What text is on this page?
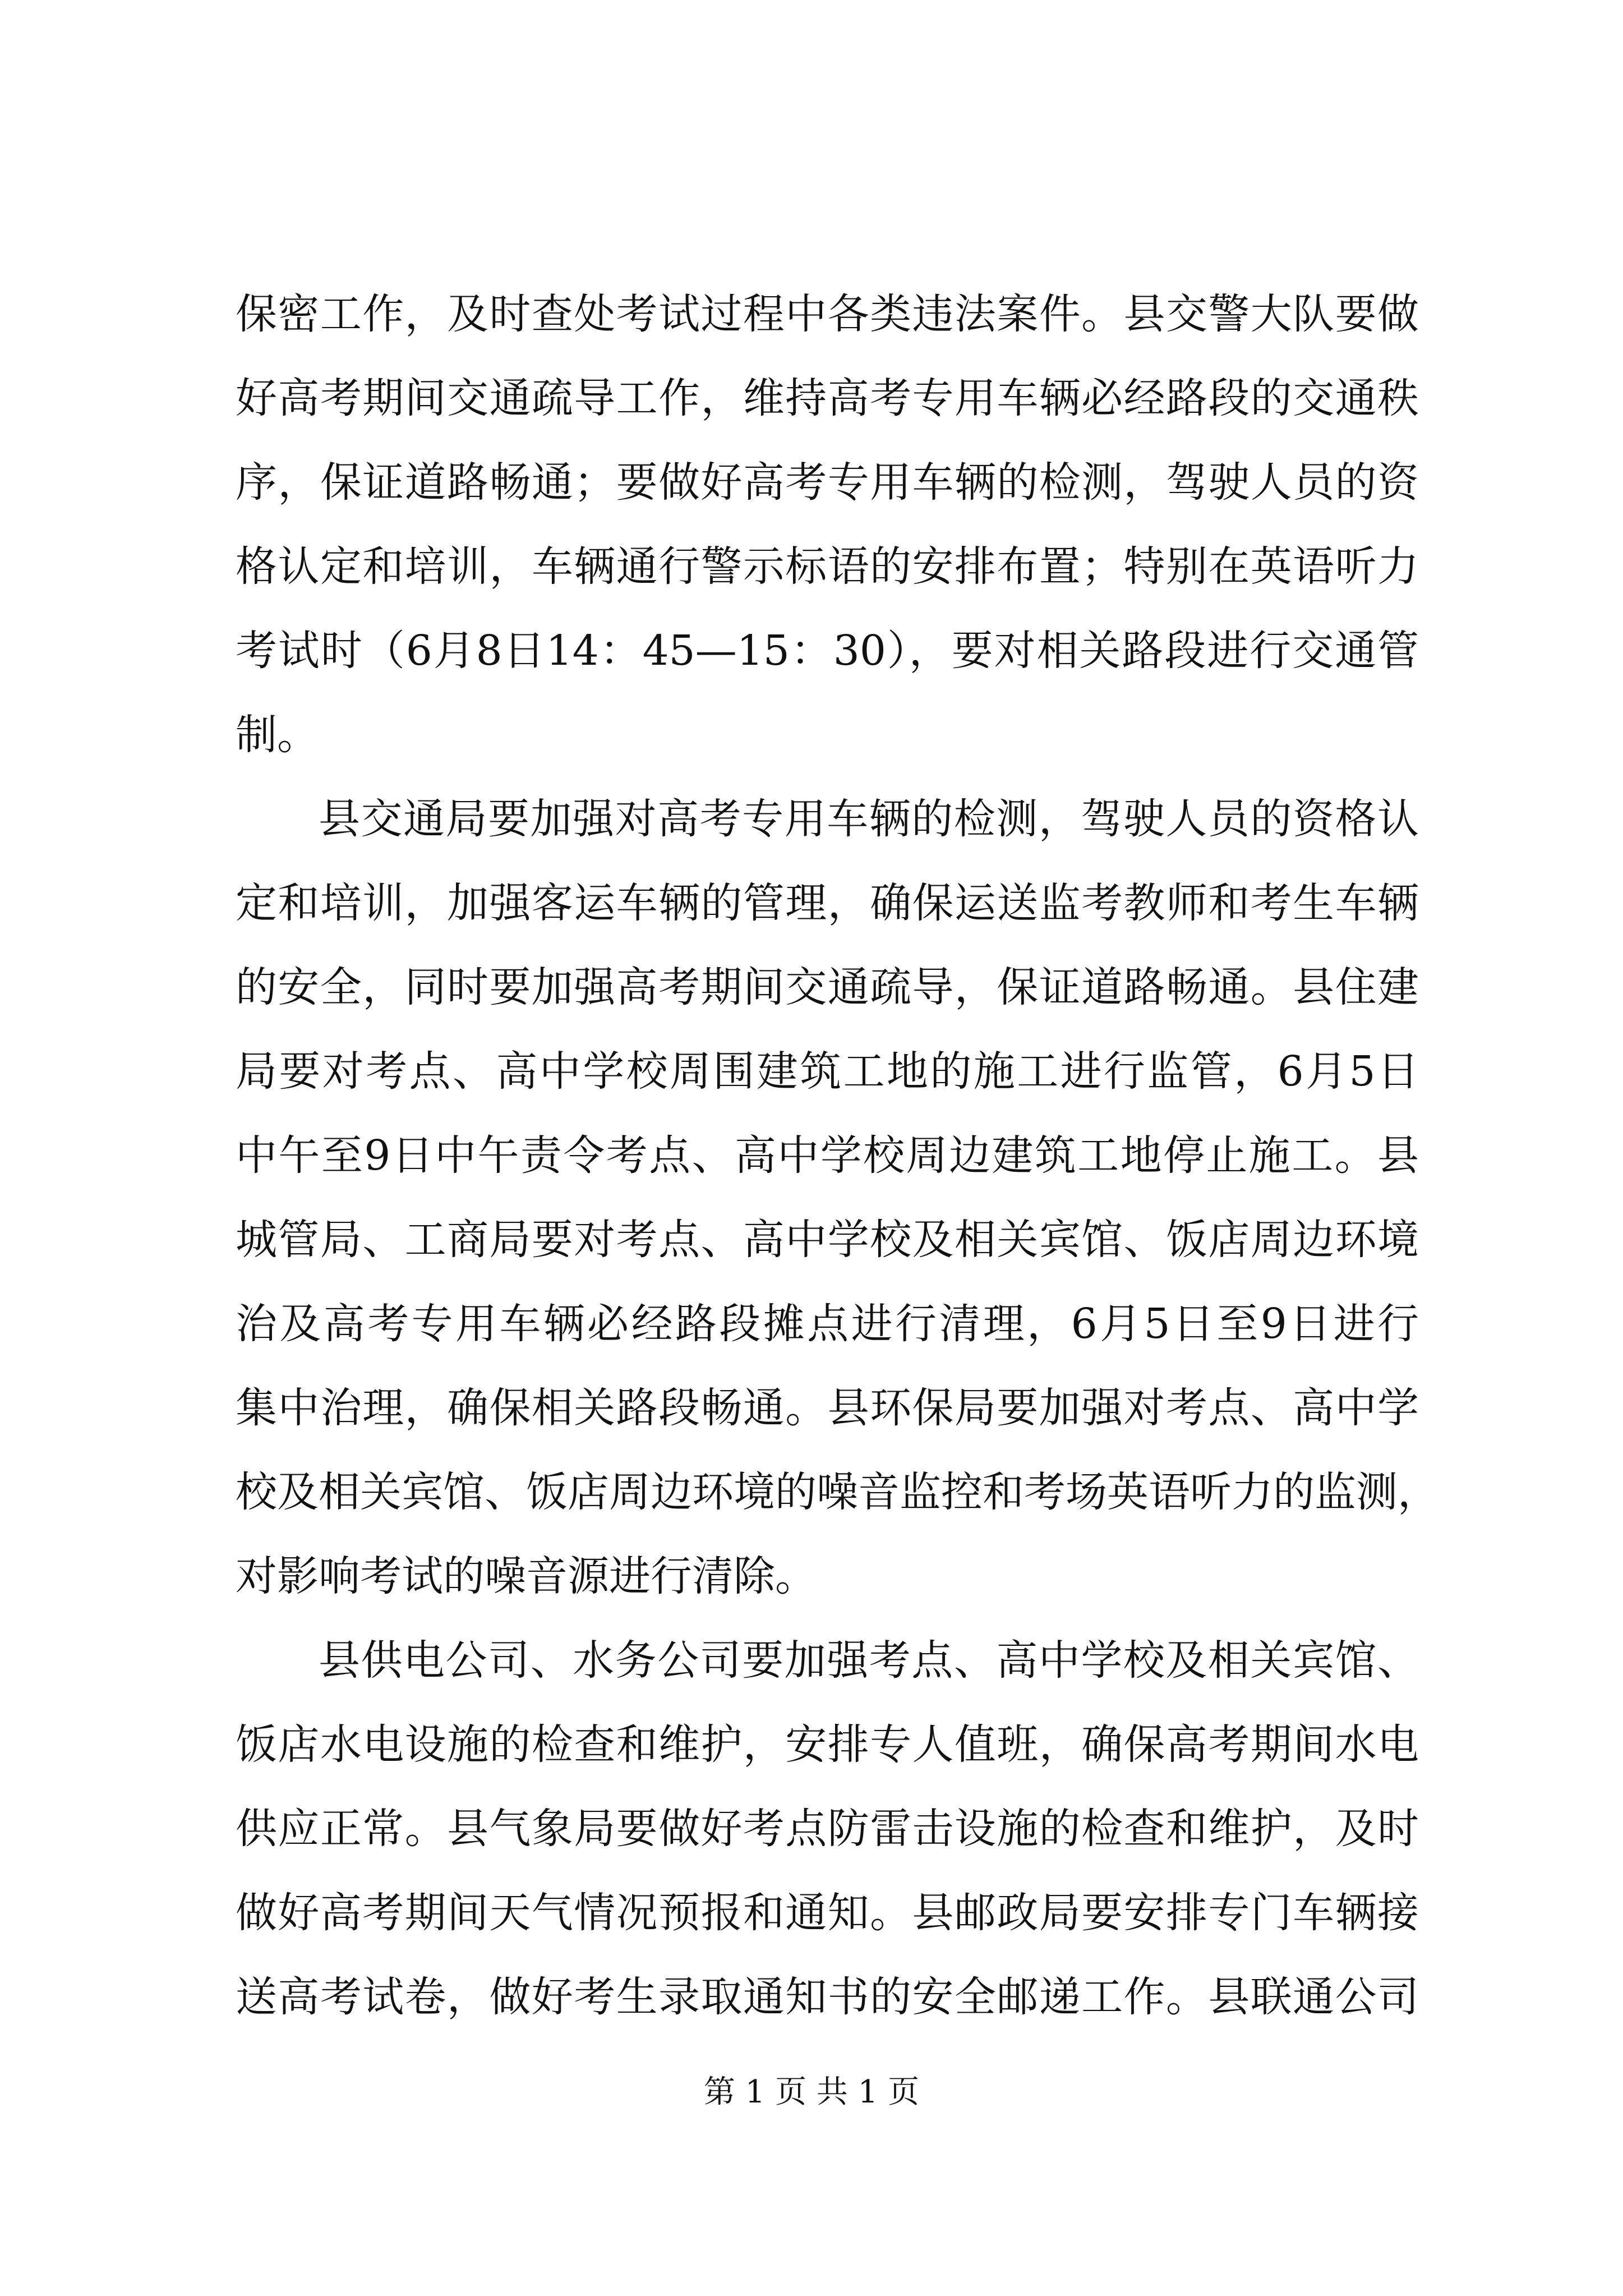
保密工作，及时查处考试过程中各类违法案件。县交警大队要做
好高考期间交通疏导工作，维持高考专用车辆必经路段的交通秩
序，保证道路畅通；要做好高考专用车辆的检测，驾驶人员的资
格认定和培训，车辆通行警示标语的安排布置；特别在英语听力
考试时（6月8日14：45—15：30），要对相关路段进行交通管
制。
县交通局要加强对高考专用车辆的检测，驾驶人员的资格认
定和培训，加强客运车辆的管理，确保运送监考教师和考生车辆
的安全，同时要加强高考期间交通疏导，保证道路畅通。县住建
局要对考点、高中学校周围建筑工地的施工进行监管，6月5日
中午至9日中午责令考点、高中学校周边建筑工地停止施工。县
城管局、工商局要对考点、高中学校及相关宾馆、饭店周边环境
治及高考专用车辆必经路段摊点进行清理，6月5日至9日进行
集中治理，确保相关路段畅通。县环保局要加强对考点、高中学
校及相关宾馆、饭店周边环境的噪音监控和考场英语听力的监测，
对影响考试的噪音源进行清除。
县供电公司、水务公司要加强考点、高中学校及相关宾馆、
饭店水电设施的检查和维护，安排专人值班，确保高考期间水电
供应正常。县气象局要做好考点防雷击设施的检查和维护，及时
做好高考期间天气情况预报和通知。县邮政局要安排专门车辆接
送高考试卷，做好考生录取通知书的安全邮递工作。县联通公司
第 1 页 共 1 页
